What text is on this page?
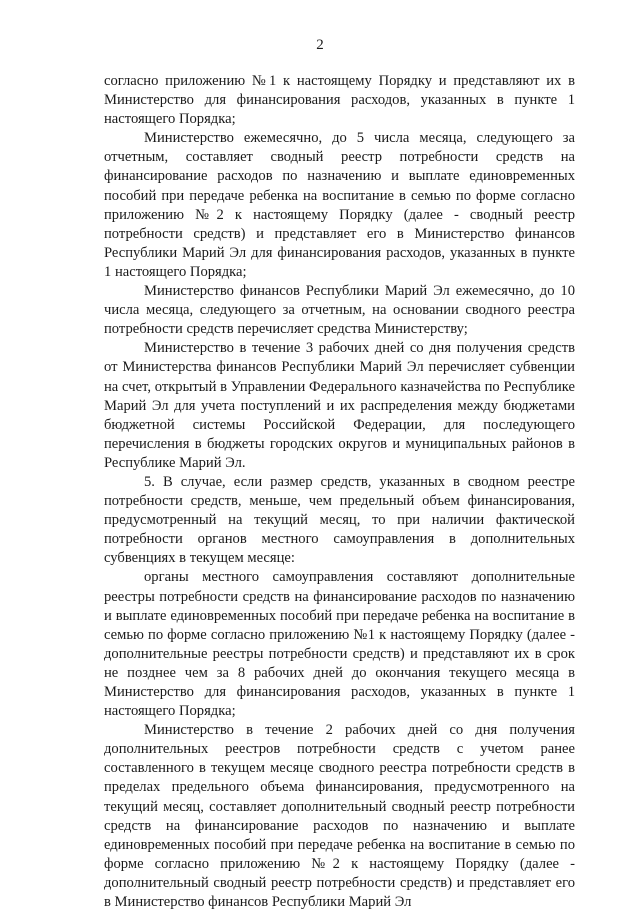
2

согласно приложению №1 к настоящему Порядку и представляют их в Министерство для финансирования расходов, указанных в пункте 1 настоящего Порядка;

Министерство ежемесячно, до 5 числа месяца, следующего за отчетным, составляет сводный реестр потребности средств на финансирование расходов по назначению и выплате единовременных пособий при передаче ребенка на воспитание в семью по форме согласно приложению №2 к настоящему Порядку (далее - сводный реестр потребности средств) и представляет его в Министерство финансов Республики Марий Эл для финансирования расходов, указанных в пункте 1 настоящего Порядка;

Министерство финансов Республики Марий Эл ежемесячно, до 10 числа месяца, следующего за отчетным, на основании сводного реестра потребности средств перечисляет средства Министерству;

Министерство в течение 3 рабочих дней со дня получения средств от Министерства финансов Республики Марий Эл перечисляет субвенции на счет, открытый в Управлении Федерального казначейства по Республике Марий Эл для учета поступлений и их распределения между бюджетами бюджетной системы Российской Федерации, для последующего перечисления в бюджеты городских округов и муниципальных районов в Республике Марий Эл.

5. В случае, если размер средств, указанных в сводном реестре потребности средств, меньше, чем предельный объем финансирования, предусмотренный на текущий месяц, то при наличии фактической потребности органов местного самоуправления в дополнительных субвенциях в текущем месяце:

органы местного самоуправления составляют дополнительные реестры потребности средств на финансирование расходов по назначению и выплате единовременных пособий при передаче ребенка на воспитание в семью по форме согласно приложению №1 к настоящему Порядку (далее - дополнительные реестры потребности средств) и представляют их в срок не позднее чем за 8 рабочих дней до окончания текущего месяца в Министерство для финансирования расходов, указанных в пункте 1 настоящего Порядка;

Министерство в течение 2 рабочих дней со дня получения дополнительных реестров потребности средств с учетом ранее составленного в текущем месяце сводного реестра потребности средств в пределах предельного объема финансирования, предусмотренного на текущий месяц, составляет дополнительный сводный реестр потребности средств на финансирование расходов по назначению и выплате единовременных пособий при передаче ребенка на воспитание в семью по форме согласно приложению №2 к настоящему Порядку (далее - дополнительный сводный реестр потребности средств) и представляет его в Министерство финансов Республики Марий Эл
